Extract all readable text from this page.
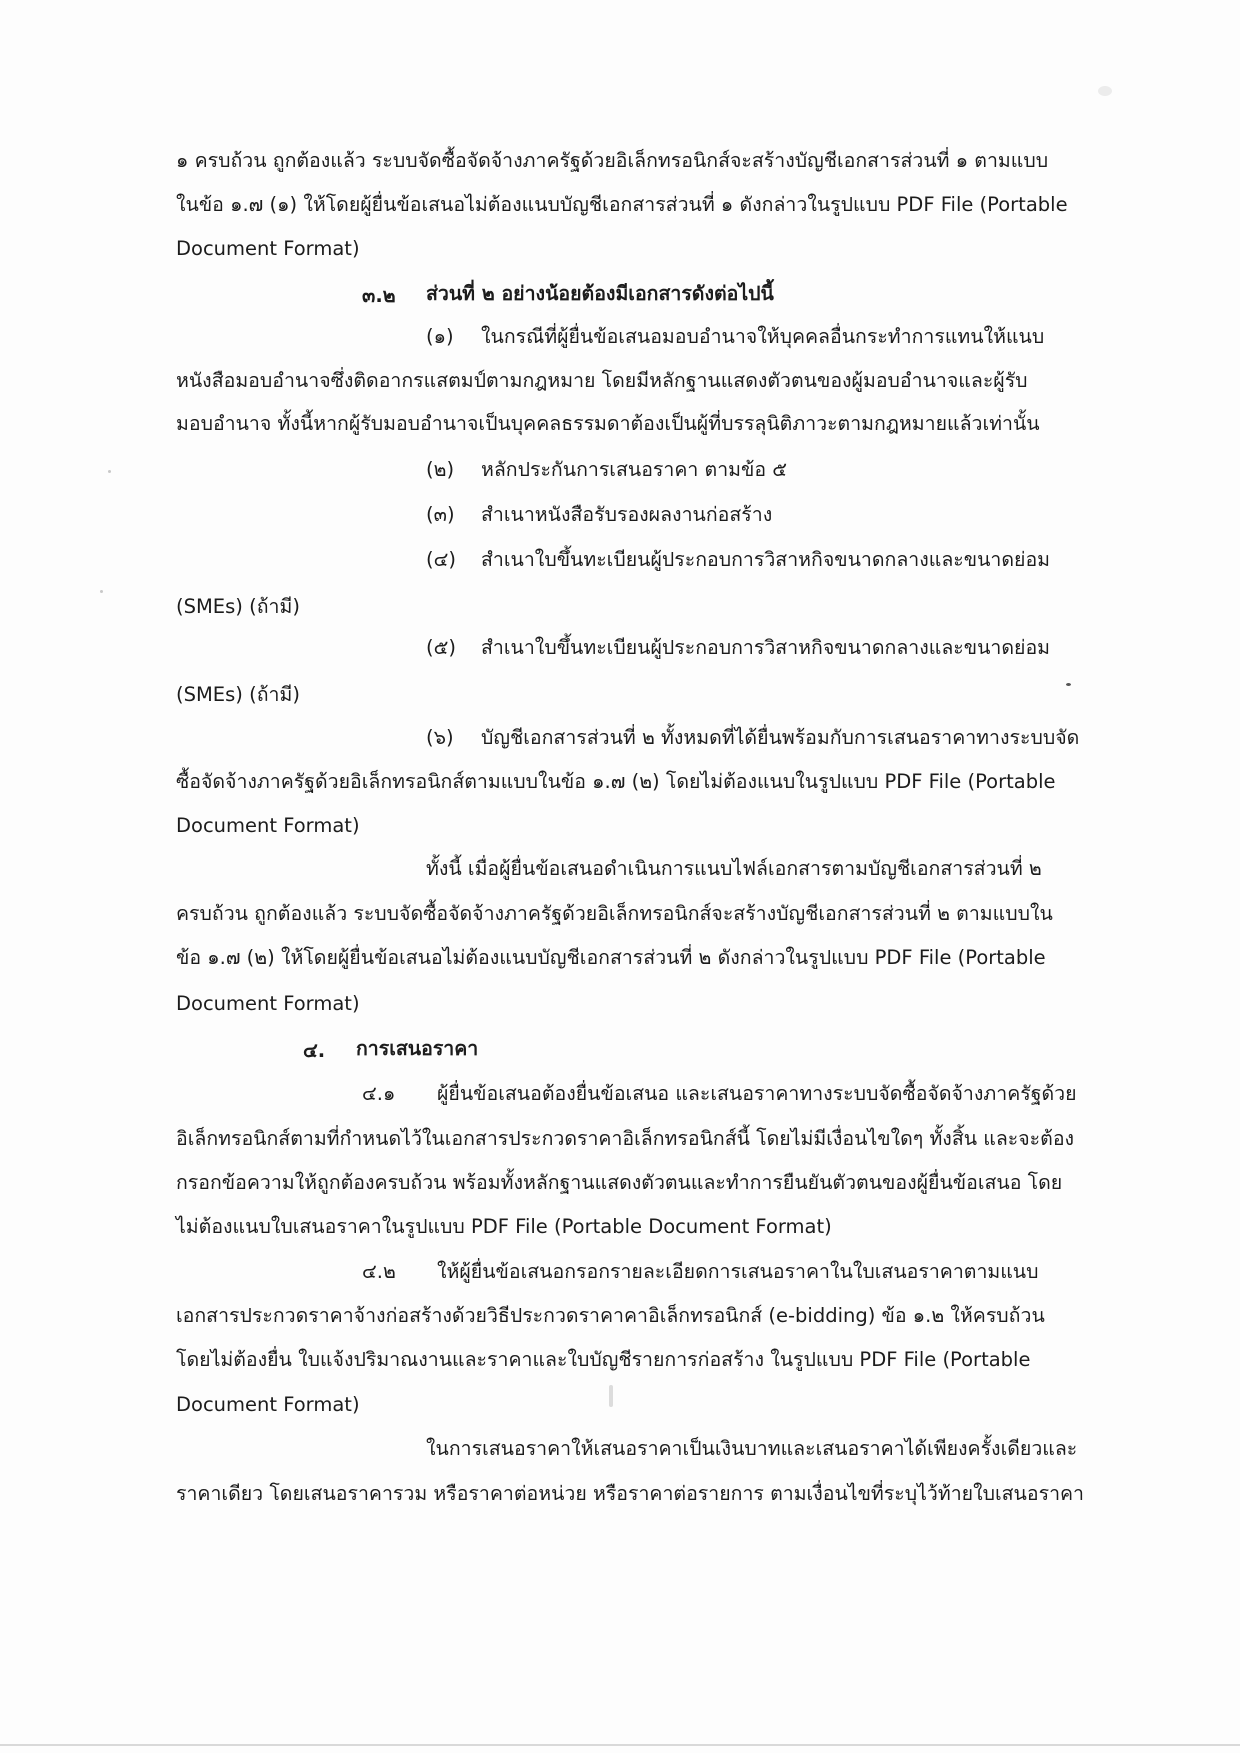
๑ ครบถ้วน ถูกต้องแล้ว ระบบจัดซื้อจัดจ้างภาครัฐด้วยอิเล็กทรอนิกส์จะสร้างบัญชีเอกสารส่วนที่ ๑ ตามแบบ
ในข้อ ๑.๗ (๑) ให้โดยผู้ยื่นข้อเสนอไม่ต้องแนบบัญชีเอกสารส่วนที่ ๑ ดังกล่าวในรูปแบบ PDF File (Portable
Document Format)
๓.๒ ส่วนที่ ๒ อย่างน้อยต้องมีเอกสารดังต่อไปนี้
(๑) ในกรณีที่ผู้ยื่นข้อเสนอมอบอำนาจให้บุคคลอื่นกระทำการแทนให้แนบ
หนังสือมอบอำนาจซึ่งติดอากรแสตมป์ตามกฎหมาย โดยมีหลักฐานแสดงตัวตนของผู้มอบอำนาจและผู้รับ
มอบอำนาจ ทั้งนี้หากผู้รับมอบอำนาจเป็นบุคคลธรรมดาต้องเป็นผู้ที่บรรลุนิติภาวะตามกฎหมายแล้วเท่านั้น
(๒) หลักประกันการเสนอราคา ตามข้อ ๕
(๓) สำเนาหนังสือรับรองผลงานก่อสร้าง
(๔) สำเนาใบขึ้นทะเบียนผู้ประกอบการวิสาหกิจขนาดกลางและขนาดย่อม
(SMEs) (ถ้ามี)
(๕) สำเนาใบขึ้นทะเบียนผู้ประกอบการวิสาหกิจขนาดกลางและขนาดย่อม
(SMEs) (ถ้ามี)
(๖) บัญชีเอกสารส่วนที่ ๒ ทั้งหมดที่ได้ยื่นพร้อมกับการเสนอราคาทางระบบจัด
ซื้อจัดจ้างภาครัฐด้วยอิเล็กทรอนิกส์ตามแบบในข้อ ๑.๗ (๒) โดยไม่ต้องแนบในรูปแบบ PDF File (Portable
Document Format)
ทั้งนี้ เมื่อผู้ยื่นข้อเสนอดำเนินการแนบไฟล์เอกสารตามบัญชีเอกสารส่วนที่ ๒
ครบถ้วน ถูกต้องแล้ว ระบบจัดซื้อจัดจ้างภาครัฐด้วยอิเล็กทรอนิกส์จะสร้างบัญชีเอกสารส่วนที่ ๒ ตามแบบใน
ข้อ ๑.๗ (๒) ให้โดยผู้ยื่นข้อเสนอไม่ต้องแนบบัญชีเอกสารส่วนที่ ๒ ดังกล่าวในรูปแบบ PDF File (Portable
Document Format)
๔. การเสนอราคา
๔.๑ ผู้ยื่นข้อเสนอต้องยื่นข้อเสนอ และเสนอราคาทางระบบจัดซื้อจัดจ้างภาครัฐด้วย
อิเล็กทรอนิกส์ตามที่กำหนดไว้ในเอกสารประกวดราคาอิเล็กทรอนิกส์นี้ โดยไม่มีเงื่อนไขใดๆ ทั้งสิ้น และจะต้อง
กรอกข้อความให้ถูกต้องครบถ้วน พร้อมทั้งหลักฐานแสดงตัวตนและทำการยืนยันตัวตนของผู้ยื่นข้อเสนอ โดย
ไม่ต้องแนบใบเสนอราคาในรูปแบบ PDF File (Portable Document Format)
๔.๒ ให้ผู้ยื่นข้อเสนอกรอกรายละเอียดการเสนอราคาในใบเสนอราคาตามแนบ
เอกสารประกวดราคาจ้างก่อสร้างด้วยวิธีประกวดราคาคาอิเล็กทรอนิกส์ (e-bidding) ข้อ ๑.๒ ให้ครบถ้วน
โดยไม่ต้องยื่น ใบแจ้งปริมาณงานและราคาและใบบัญชีรายการก่อสร้าง ในรูปแบบ PDF File (Portable
Document Format)
ในการเสนอราคาให้เสนอราคาเป็นเงินบาทและเสนอราคาได้เพียงครั้งเดียวและ
ราคาเดียว โดยเสนอราคารวม หรือราคาต่อหน่วย หรือราคาต่อรายการ ตามเงื่อนไขที่ระบุไว้ท้ายใบเสนอราคา
